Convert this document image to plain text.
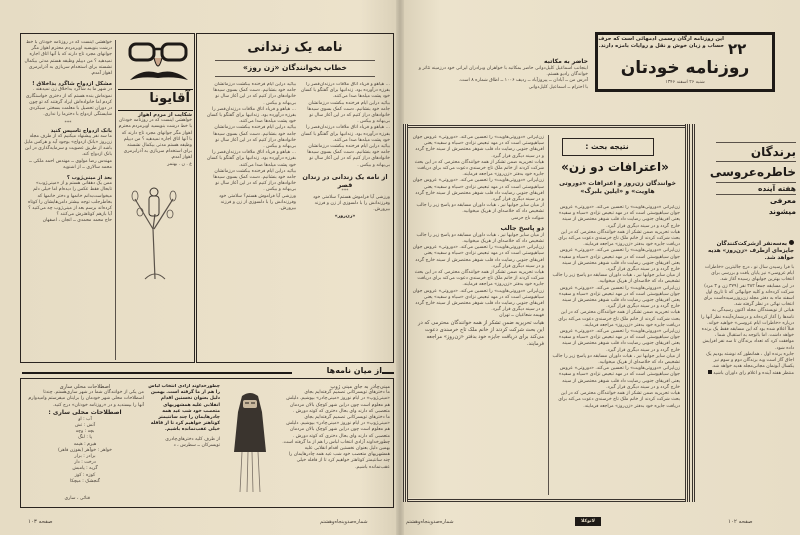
آقایونا
شکایت از مردم اهواز
خواهشی اینست که در روزنامه خودتان با خط درشت بنویسید اویرمردم محترم اهواز مگر جوانهای مجرد تاج دارند که با آنها اتاق اجاره نمیدهید ؟ من دیپلم وظیفه هستم مدتی بیکمال نشسته برای استخدام سربازی به آذرابرمری اهواز آمدم.
ع . ن . بهنمر
خواهشی اینست که در روزنامه خودتان با خط درشت بنویسید اویرمردم محترم اهواز مگر جوانهای مجرد تاج دارند که با آنها اتاق اجاره نمیدهید ؟ من دیپلم وظیفه هستم مدتی بیکمال نشسته برای استخدام سربازی به آذرابرمری اهواز آمدم.
مشکل ازدواج شاگرد بداخلاق !
در شهر ما به شاگرد بداخلاق زن نمیدهند . نمونه‌اش بنده هستم که از دختری خواستگاری کردم اما خانواده‌اش ایراد گرفتند که تو چون در دوران تحصیل با معلمت بسختی سیکردی شایستگی ازدواج با دخترما را نداری.
***
بانک ازدواج تاسیس کنید
ما سه نفر پیشنهاد میکنیم که از طرف مجله زن‌روز «بانک ازدواج» بوجود آید و هرکس مایل باشد از طریق عضویت و سرمایه‌گذاری در این بانک ازدواج کند.
مهندس رضا مولوی ــ مهندس احمد ملکی ــ محمد سالاری ــ از اشنویه
بعد از مینی‌ژوب ؟
ممن یک دهقانی هستم و از «مینی‌ژوب» تابحال فقط عکس را دیده‌ام اما خیلی دلم میخواست‌بدانم خانمها و دختر خانمها که بخاطرجلب توجه بیشتر دامن‌هایشان را کوتاه کرده‌اند برسم بعد از مینی‌ژوب چه می‌کنید ؟
آیا بازهم کوتاهترش می‌کنند ؟
حاج محمد محمدی ــ انجان ، اصفهان
نامه یک زندانی
خطاب بخوانندگان «زن روز»
... هیاهو و فریاد اتاق ملاقات درزندان‌قصر را بفرزه درآورده بود. زندانیها برای گفتگو با کسان خود پشت میله‌ها صدا می‌کنند.
بیائید دراین ایام فرخنده ببکشت درزمانشان جامه خود بنشانیم. دست کمک بسوی سیدها خانوادهای دراز کنیم که در این آغاز سال نو بی‌بهانه و بیکس .
... هیاهو و فریاد اتاق ملاقات درزندان‌قصر را بفرزه درآورده بود. زندانیها برای گفتگو با کسان خود پشت میله‌ها صدا می‌کنند.
بیائید دراین ایام فرخنده ببکشت درزمانشان جامه خود بنشانیم. دست کمک بسوی سیدها خانوادهای دراز کنیم که در این آغاز سال نو بی‌بهانه و بیکس .
از نامه یک زندانی در زندان قصر
***
ورزشی آیا فراموش هستم؟ سلامتی خود وفرزندانش را با دلسوزی از زن و فرزند بپرورش.
«زن‌روز»
بیائید دراین ایام فرخنده ببکشت درزمانشان جامه خود بنشانیم. دست کمک بسوی سیدها خانوادهای دراز کنیم که در این آغاز سال نو بی‌بهانه و بیکس .
... هیاهو و فریاد اتاق ملاقات درزندان‌قصر را بفرزه درآورده بود. زندانیها برای گفتگو با کسان خود پشت میله‌ها صدا می‌کنند.
بیائید دراین ایام فرخنده ببکشت درزمانشان جامه خود بنشانیم. دست کمک بسوی سیدها خانوادهای دراز کنیم که در این آغاز سال نو بی‌بهانه و بیکس .
... هیاهو و فریاد اتاق ملاقات درزندان‌قصر را بفرزه درآورده بود. زندانیها برای گفتگو با کسان خود پشت میله‌ها صدا می‌کنند.
بیائید دراین ایام فرخنده ببکشت درزمانشان جامه خود بنشانیم. دست کمک بسوی سیدها خانوادهای دراز کنیم که در این آغاز سال نو بی‌بهانه و بیکس .
ورزشی آیا فراموش هستم؟ سلامتی خود وفرزندانش را با دلسوزی از زن و فرزند بپرورش.
از میان نامه‌ها
مینی‌چادر به جای مینی ژوپ
ما دخترهای تویسرکانی تصمیم گرفته‌ایم بجای «مینی‌ژوپ» در ایام نوروز «مینی‌چادر» بپوشیم. دلیلش هم معلوم است چون دراین شهر کوچک بالان مردمان متعصبی که دارند وای بحال دختری که کوته دورش .
ما دخترهای تویسرکانی تصمیم گرفته‌ایم بجای «مینی‌ژوپ» در ایام نوروز «مینی‌چادر» بپوشیم. دلیلش هم معلوم است چون دراین شهر کوچک بالان مردمان متعصبی که دارند وای بحال دختری که کوته دورش .
چطورخداوند آزادی انتخاب لباس را هم از ما گرفته است. بهمین دلیل بعنوان نخستین اقدام انقلابی علیه همشهریهای متعصب خود شب عید همه چادرهایمان را چند سانتیمتر کوتاهتر خواهیم کرد تا از قافله خیلی عقب‌نمانده باشیم.
چطورخداوند آزادی انتخاب لباس را هم از ما گرفته است. بهمین دلیل بعنوان نخستین اقدام انقلابی علیه همشهریهای متعصب خود شب عید همه چادرهایمان را چند سانتیمتر کوتاهتر خواهیم کرد تا از قافله خیلی عقب‌نمانده باشیم.
از طرف کلیه دختر‌های‌چادری تویسرکان ــ سطرس‌ ، د
اصطلاحات محلی ساری
من یکی از خوانندگان شما در شهر ساری‌هستم. چندتا اصطلاحات محلی شهر خودمان را برایتان میفرستم وامیدوارم آنها را بپسندید و در «روزنامه خودتان» درج کنید.
اصطلاحات محلی ساری :
آب : او
آتش : تش
بچه : وچه
پا : لنگ
هیزم : هیمه
خواهر : خوآهر (بفوزن قاهر)
برادر : برار
درخت : دار
گربه : پامبش
کوزه : کوز
گنجشک : میچکا
قنائی ، ساری
صفحه ۱۰۳	شماره‌صدوپنجاه‌وهشتم
حاضر به مکاتبه
اینجانب اسماعیل کلیل‌دوانی حاضر بمکاتبه با خواهران وبرادران ایرانی خود درزمینه تئاتر و خواندگان رادیو هستم.
آدرس من ــ آبادان ــ پیروزآباد ــ ردیف ۱۰۰۶ ــ اطاق شماره ۸ است.
با احترام ــ اسماعیل کلیل‌دوانی
۲۲
این روزنامه ارگان رسمی ادمهائی است که حرف حساب و زبان خوش و نقل و روایات بامزه دارند.
روزنامه خودتان
شنبه ۲۶ اسفند ۱۳۴۶
نتیجه بحث :
«اعترافات دو زن»
خوانندگان زن‌روز و اعترافات «دوروتی هاویت» و «ایلین بلبرگ»
زن‌ایرانی «دوروتی‌هاویت» را تحسین می‌کند. «دوروتی» عروس جوان سیاهپوستی است که در مهد تبعیض نژادی «سیاه و سفید» یعنی افریقای جنوبی رضایت داد قلب شوهر محتضرش از سینه خارج گردد و در سینه دیگری قرار گیرد.
هیات تحریریه ضمن تشکر از همه خوانندگان محترمی که در این بحث شرکت کردند از خانم ملک تاج خرسندی دعوت می‌کند برای دریافت جایزه خود بدفتر «زن‌روز» مراجعه فرمایند.
زن‌ایرانی «دوروتی‌هاویت» را تحسین می‌کند. «دوروتی» عروس جوان سیاهپوستی است که در مهد تبعیض نژادی «سیاه و سفید» یعنی افریقای جنوبی رضایت داد قلب شوهر محتضرش از سینه خارج گردد و در سینه دیگری قرار گیرد.
از میان سایر جوابها نیز ، هیات داوران مسابقه دو پاسخ زیر را جالب تشخیص داد که خلاصه‌ای از هریک میخوانید.
زن‌ایرانی «دوروتی‌هاویت» را تحسین می‌کند. «دوروتی» عروس جوان سیاهپوستی است که در مهد تبعیض نژادی «سیاه و سفید» یعنی افریقای جنوبی رضایت داد قلب شوهر محتضرش از سینه خارج گردد و در سینه دیگری قرار گیرد.
هیات تحریریه ضمن تشکر از همه خوانندگان محترمی که در این بحث شرکت کردند از خانم ملک تاج خرسندی دعوت می‌کند برای دریافت جایزه خود بدفتر «زن‌روز» مراجعه فرمایند.
زن‌ایرانی «دوروتی‌هاویت» را تحسین می‌کند. «دوروتی» عروس جوان سیاهپوستی است که در مهد تبعیض نژادی «سیاه و سفید» یعنی افریقای جنوبی رضایت داد قلب شوهر محتضرش از سینه خارج گردد و در سینه دیگری قرار گیرد.
از میان سایر جوابها نیز ، هیات داوران مسابقه دو پاسخ زیر را جالب تشخیص داد که خلاصه‌ای از هریک میخوانید.
زن‌ایرانی «دوروتی‌هاویت» را تحسین می‌کند. «دوروتی» عروس جوان سیاهپوستی است که در مهد تبعیض نژادی «سیاه و سفید» یعنی افریقای جنوبی رضایت داد قلب شوهر محتضرش از سینه خارج گردد و در سینه دیگری قرار گیرد.
هیات تحریریه ضمن تشکر از همه خوانندگان محترمی که در این بحث شرکت کردند از خانم ملک تاج خرسندی دعوت می‌کند برای دریافت جایزه خود بدفتر «زن‌روز» مراجعه فرمایند.
زن‌ایرانی «دوروتی‌هاویت» را تحسین می‌کند. «دوروتی» عروس جوان سیاهپوستی است که در مهد تبعیض نژادی «سیاه و سفید» یعنی افریقای جنوبی رضایت داد قلب شوهر محتضرش از سینه خارج گردد و در سینه دیگری قرار گیرد.
هیات تحریریه ضمن تشکر از همه خوانندگان محترمی که در این بحث شرکت کردند از خانم ملک تاج خرسندی دعوت می‌کند برای دریافت جایزه خود بدفتر «زن‌روز» مراجعه فرمایند.
زن‌ایرانی «دوروتی‌هاویت» را تحسین می‌کند. «دوروتی» عروس جوان سیاهپوستی است که در مهد تبعیض نژادی «سیاه و سفید» یعنی افریقای جنوبی رضایت داد قلب شوهر محتضرش از سینه خارج گردد و در سینه دیگری قرار گیرد.
از میان سایر جوابها نیز ، هیات داوران مسابقه دو پاسخ زیر را جالب تشخیص داد که خلاصه‌ای از هریک میخوانید.
شوکت تاج حرمتی
دو پاسخ جالب
از میان سایر جوابها نیز ، هیات داوران مسابقه دو پاسخ زیر را جالب تشخیص داد که خلاصه‌ای از هریک میخوانید.
زن‌ایرانی «دوروتی‌هاویت» را تحسین می‌کند. «دوروتی» عروس جوان سیاهپوستی است که در مهد تبعیض نژادی «سیاه و سفید» یعنی افریقای جنوبی رضایت داد قلب شوهر محتضرش از سینه خارج گردد و در سینه دیگری قرار گیرد.
هیات تحریریه ضمن تشکر از همه خوانندگان محترمی که در این بحث شرکت کردند از خانم ملک تاج خرسندی دعوت می‌کند برای دریافت جایزه خود بدفتر «زن‌روز» مراجعه فرمایند.
زن‌ایرانی «دوروتی‌هاویت» را تحسین می‌کند. «دوروتی» عروس جوان سیاهپوستی است که در مهد تبعیض نژادی «سیاه و سفید» یعنی افریقای جنوبی رضایت داد قلب شوهر محتضرش از سینه خارج گردد و در سینه دیگری قرار گیرد.
فهیمه شعاعیان ــ تهران
هیات تحریریه ضمن تشکر از همه خوانندگان محترمی که در این بحث شرکت کردند از خانم ملک تاج خرسندی دعوت می‌کند برای دریافت جایزه خود بدفتر «زن‌روز» مراجعه فرمایند.
برندگان
خاطره‌عروسی
هفته آینده
معرفی
میشوند
به‌سه‌نفر ازشرکت‌کنندگان جایزه‌ای ازطرف «زن‌روز» هدیه خواهد شد.
با فرا رسیدن سال نو ، درج جالبترین «خاطرات ایام عروسی» نیز پایان یافت و بررسی برای انتخاب بهترین جوابهای رسیده آغاز شد.
در این مسابقه جمعاً ۳۸۲ نفر (۳۷۹ زن و ۳ مرد) شرکت کرده‌اند و کلیه جوابهائی که تا تاریخ اول اسفند ماه به دفتر مجله زن‌روزرسیده‌است برای انتخاب نهائی در نظر گرفته شد.
هیاتی از نویسندگان مجله اکنون رسیدگی به نامه‌ها را آغاز کرده‌اند و درشماره‌آینده نظر آنها را درباره «خاطرات ایام عروسی» خواهید خواند.
قبلاً اعلام شده بود که این مسابقه فقط یک برنده خواهد داشت. اما باتوجه به استقبال شما ، موافقت کرد که تعداد برندگان تا سه نفر افزایش داده شود.
جایزه برنده اول ، همانطور که نوشته بودیم یک اجاق گاز است وبه برندگان دوم و سوم نیز یکسال آبونمان مجانی‌مجله هدیه خواهد شد.
منتظر هفته آینده و اعلام رای داوران باشید
شماره‌صدوپنجاه‌وهشتم	لاتوکلا	صفحه ۱۰۲
